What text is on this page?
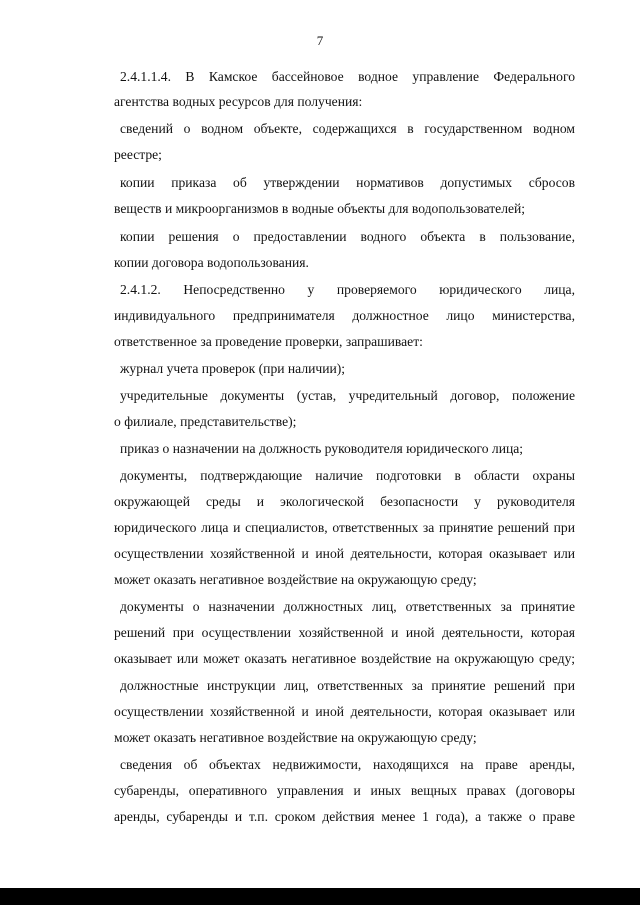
7
2.4.1.1.4. В Камское бассейновое водное управление Федерального
агентства водных ресурсов для получения:
сведений о водном объекте, содержащихся в государственном водном
реестре;
копии приказа об утверждении нормативов допустимых сбросов
веществ и микроорганизмов в водные объекты для водопользователей;
копии решения о предоставлении водного объекта в пользование,
копии договора водопользования.
2.4.1.2. Непосредственно у проверяемого юридического лица,
индивидуального предпринимателя должностное лицо министерства,
ответственное за проведение проверки, запрашивает:
журнал учета проверок (при наличии);
учредительные документы (устав, учредительный договор, положение
о филиале, представительстве);
приказ о назначении на должность руководителя юридического лица;
документы, подтверждающие наличие подготовки в области охраны
окружающей среды и экологической безопасности у руководителя
юридического лица и специалистов, ответственных за принятие решений при
осуществлении хозяйственной и иной деятельности, которая оказывает или
может оказать негативное воздействие на окружающую среду;
документы о назначении должностных лиц, ответственных за принятие
решений при осуществлении хозяйственной и иной деятельности, которая
оказывает или может оказать негативное воздействие на окружающую среду;
должностные инструкции лиц, ответственных за принятие решений при
осуществлении хозяйственной и иной деятельности, которая оказывает или
может оказать негативное воздействие на окружающую среду;
сведения об объектах недвижимости, находящихся на праве аренды,
субаренды, оперативного управления и иных вещных правах (договоры
аренды, субаренды и т.п. сроком действия менее 1 года), а также о праве
